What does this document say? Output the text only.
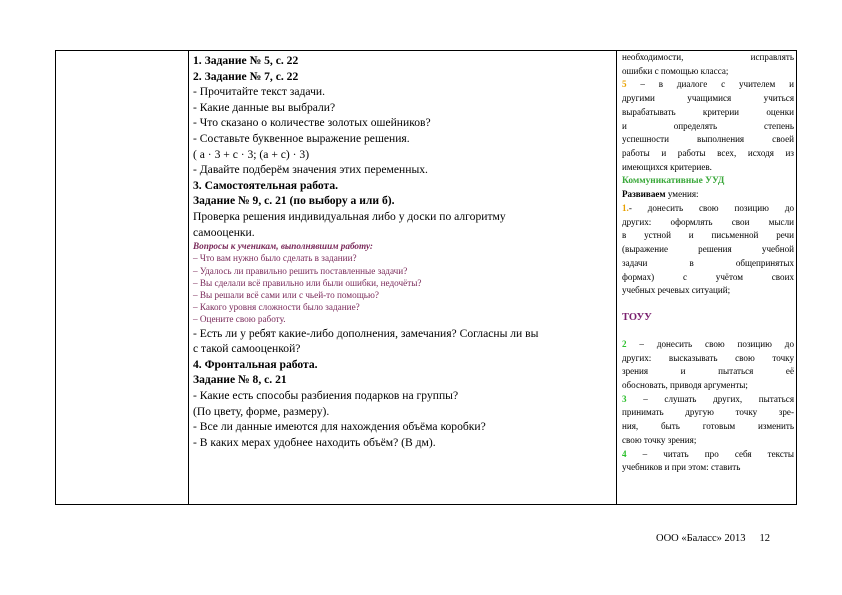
1. Задание № 5, с. 22
2. Задание № 7, с. 22
- Прочитайте текст задачи.
- Какие данные вы выбрали?
- Что сказано о количестве золотых ошейников?
- Составьте буквенное выражение решения.
( а · 3 + с · 3; (а + с) · 3)
- Давайте подберём значения этих переменных.
3. Самостоятельная работа.
Задание № 9, с. 21 (по выбору а или б).
Проверка решения индивидуальная либо у доски по алгоритму
самооценки.
Вопросы к ученикам, выполнявшим работу:
– Что вам нужно было сделать в задании?
– Удалось ли правильно решить поставленные задачи?
– Вы сделали всё правильно или были ошибки, недочёты?
– Вы решали всё сами или с чьей-то помощью?
– Какого уровня сложности было задание?
– Оцените свою работу.
- Есть ли у ребят какие-либо дополнения, замечания? Согласны ли вы
с такой самооценкой?
4. Фронтальная работа.
Задание № 8, с. 21
- Какие есть способы разбиения подарков на группы?
(По цвету, форме, размеру).
- Все ли данные имеются для нахождения объёма коробки?
- В каких мерах удобнее находить объём? (В дм).
необходимости, исправлять
ошибки с помощью класса;
5 – в диалоге с учителем и
другими учащимися учиться
вырабатывать критерии оценки
и определять степень
успешности выполнения своей
работы и работы всех, исходя из
имеющихся критериев.
Коммуникативные УУД
Развиваем умения:
1.- донесить свою позицию до
других: оформлять свои мысли
в устной и письменной речи
(выражение решения учебной
задачи в общепринятых
формах) с учётом своих
учебных речевых ситуаций;
ТОУУ
2 – донесить свою позицию до
других: высказывать свою точку
зрения и пытаться её
обосновать, приводя аргументы;
3 – слушать других, пытаться
принимать другую точку зре-
ния, быть готовым изменить
свою точку зрения;
4 – читать про себя тексты
учебников и при этом: ставить
ООО «Баласс» 2013 12
